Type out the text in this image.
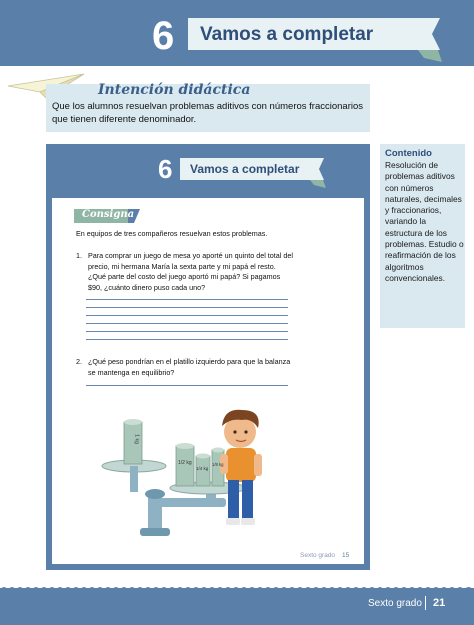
6 Vamos a completar
Intención didáctica
Que los alumnos resuelvan problemas aditivos con números fraccionarios que tienen diferente denominador.
6 Vamos a completar
Consigna 1
En equipos de tres compañeros resuelvan estos problemas.
1. Para comprar un juego de mesa yo aporté un quinto del total del precio, mi hermana María la sexta parte y mi papá el resto. ¿Qué parte del costo del juego aportó mi papá? Si pagamos $90, ¿cuánto dinero puso cada uno?
2. ¿Qué peso pondrían en el platillo izquierdo para que la balanza se mantenga en equilibrio?
1 kg
1/2 kg
1/4 kg
1/8 kg
Sexto grado 15
Contenido
Resolución de problemas aditivos con números naturales, decimales y fraccionarios, variando la estructura de los problemas. Estudio o reafirmación de los algoritmos convencionales.
Sexto grado 21
